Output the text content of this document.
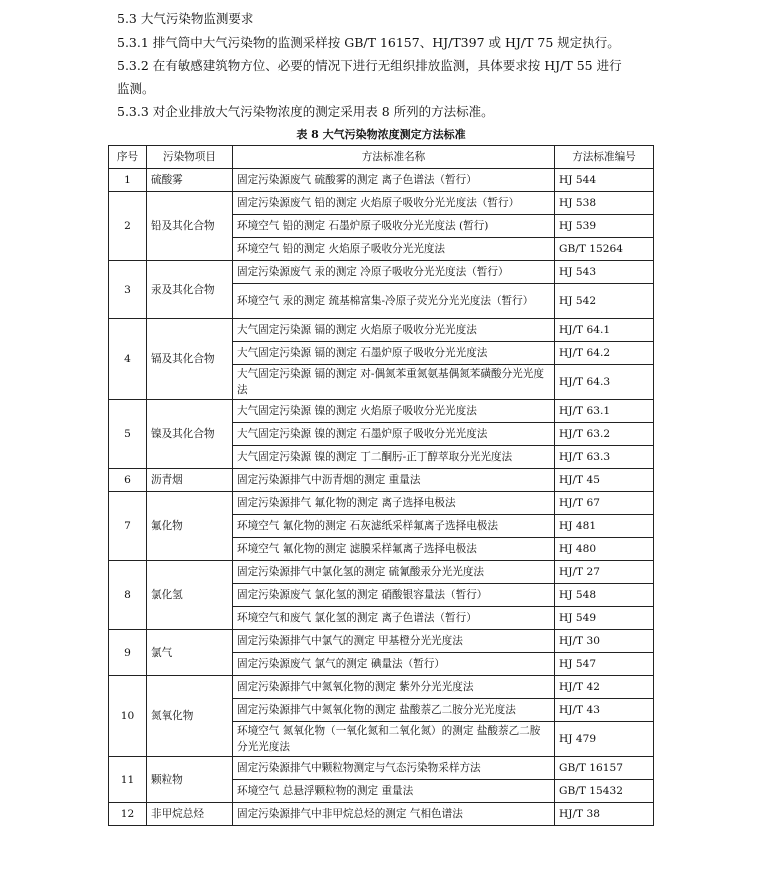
5.3 大气污染物监测要求
5.3.1 排气筒中大气污染物的监测采样按 GB/T 16157、HJ/T397 或 HJ/T 75 规定执行。
5.3.2 在有敏感建筑物方位、必要的情况下进行无组织排放监测，具体要求按 HJ/T 55 进行
监测。
5.3.3 对企业排放大气污染物浓度的测定采用表 8 所列的方法标准。
表 8 大气污染物浓度测定方法标准
序号	污染物项目	方法标准名称	方法标准编号
1	硫酸雾	固定污染源废气 硫酸雾的测定 离子色谱法（暂行）	HJ 544
2	铅及其化合物	固定污染源废气 铅的测定 火焰原子吸收分光光度法（暂行）	HJ 538
		环境空气 铅的测定 石墨炉原子吸收分光光度法 (暂行)	HJ 539
		环境空气 铅的测定 火焰原子吸收分光光度法	GB/T 15264
3	汞及其化合物	固定污染源废气 汞的测定 冷原子吸收分光光度法（暂行）	HJ 543
		环境空气 汞的测定 巯基棉富集-冷原子荧光分光光度法（暂行）	HJ 542
4	镉及其化合物	大气固定污染源 镉的测定 火焰原子吸收分光光度法	HJ/T 64.1
		大气固定污染源 镉的测定 石墨炉原子吸收分光光度法	HJ/T 64.2
		大气固定污染源 镉的测定 对-偶氮苯重氮氨基偶氮苯磺酸分光光度法	HJ/T 64.3
5	镍及其化合物	大气固定污染源 镍的测定 火焰原子吸收分光光度法	HJ/T 63.1
		大气固定污染源 镍的测定 石墨炉原子吸收分光光度法	HJ/T 63.2
		大气固定污染源 镍的测定 丁二酮肟-正丁醇萃取分光光度法	HJ/T 63.3
6	沥青烟	固定污染源排气中沥青烟的测定 重量法	HJ/T 45
7	氟化物	固定污染源排气 氟化物的测定 离子选择电极法	HJ/T 67
		环境空气 氟化物的测定 石灰滤纸采样氟离子选择电极法	HJ 481
		环境空气 氟化物的测定 滤膜采样氟离子选择电极法	HJ 480
8	氯化氢	固定污染源排气中氯化氢的测定 硫氰酸汞分光光度法	HJ/T 27
		固定污染源废气 氯化氢的测定 硝酸银容量法（暂行）	HJ 548
		环境空气和废气 氯化氢的测定 离子色谱法（暂行）	HJ 549
9	氯气	固定污染源排气中氯气的测定 甲基橙分光光度法	HJ/T 30
		固定污染源废气 氯气的测定 碘量法（暂行）	HJ 547
10	氮氧化物	固定污染源排气中氮氧化物的测定 紫外分光光度法	HJ/T 42
		固定污染源排气中氮氧化物的测定 盐酸萘乙二胺分光光度法	HJ/T 43
		环境空气 氮氧化物（一氧化氮和二氧化氮）的测定 盐酸萘乙二胺分光光度法	HJ 479
11	颗粒物	固定污染源排气中颗粒物测定与气态污染物采样方法	GB/T 16157
		环境空气 总悬浮颗粒物的测定 重量法	GB/T 15432
12	非甲烷总烃	固定污染源排气中非甲烷总烃的测定 气相色谱法	HJ/T 38
